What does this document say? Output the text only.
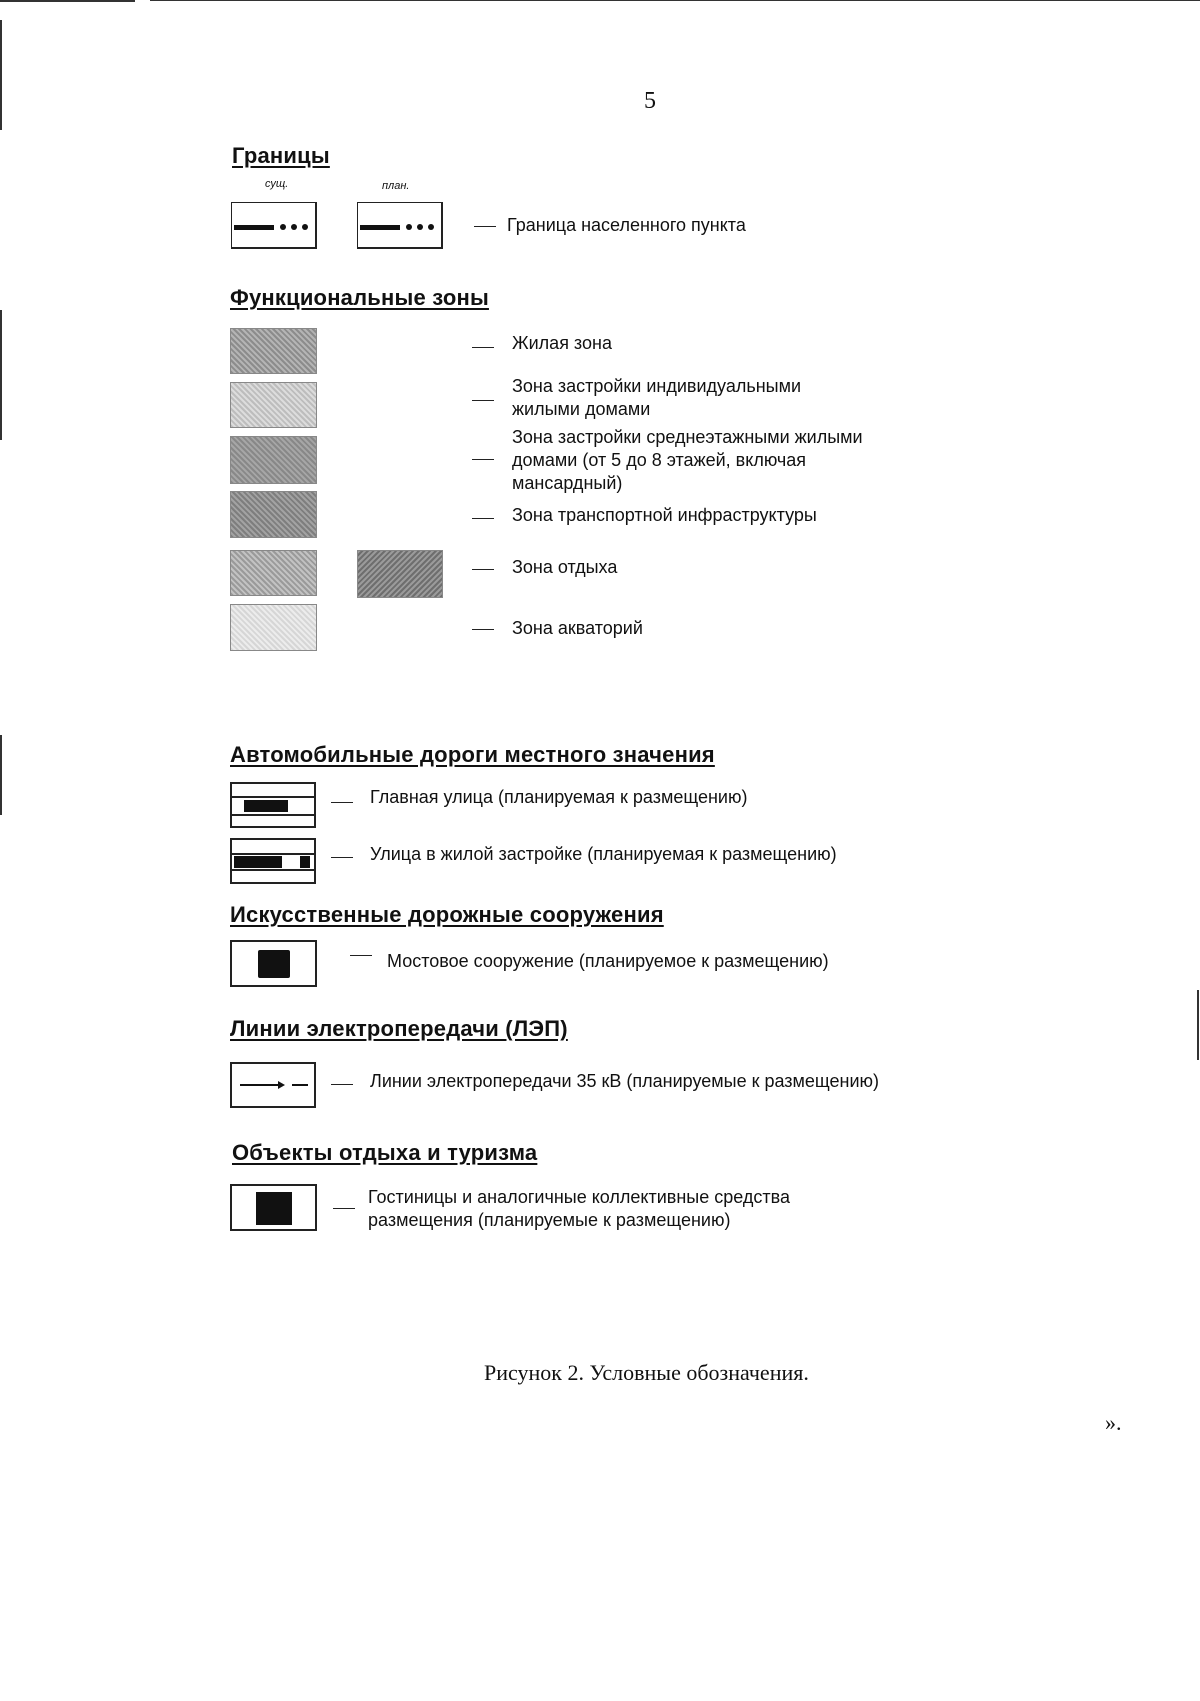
5
Границы
сущ.	план.
Граница населенного пункта
Функциональные зоны
Жилая зона
Зона застройки индивидуальными
жилыми домами
Зона застройки среднеэтажными жилыми
домами (от 5 до 8 этажей, включая
мансардный)
Зона транспортной инфраструктуры
Зона отдыха
Зона акваторий
Автомобильные дороги местного значения
Главная улица (планируемая к размещению)
Улица в жилой застройке (планируемая к размещению)
Искусственные дорожные сооружения
Мостовое сооружение (планируемое к размещению)
Линии электропередачи (ЛЭП)
Линии электропередачи 35 кВ (планируемые к размещению)
Объекты отдыха и туризма
Гостиницы и аналогичные коллективные средства
размещения (планируемые к размещению)
Рисунок 2. Условные обозначения.
».
